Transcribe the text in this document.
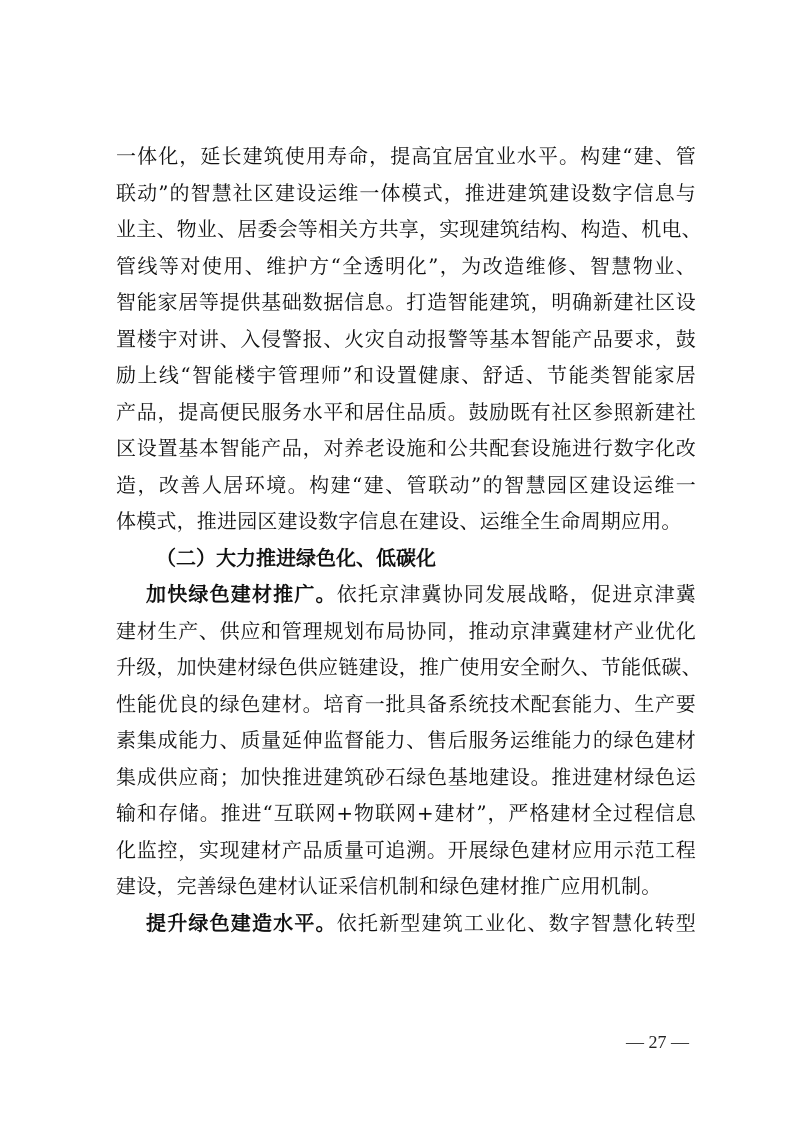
一体化，延长建筑使用寿命，提高宜居宜业水平。构建“建、管
联动”的智慧社区建设运维一体模式，推进建筑建设数字信息与
业主、物业、居委会等相关方共享，实现建筑结构、构造、机电、
管线等对使用、维护方“全透明化”，为改造维修、智慧物业、
智能家居等提供基础数据信息。打造智能建筑，明确新建社区设
置楼宇对讲、入侵警报、火灾自动报警等基本智能产品要求，鼓
励上线“智能楼宇管理师”和设置健康、舒适、节能类智能家居
产品，提高便民服务水平和居住品质。鼓励既有社区参照新建社
区设置基本智能产品，对养老设施和公共配套设施进行数字化改
造，改善人居环境。构建“建、管联动”的智慧园区建设运维一
体模式，推进园区建设数字信息在建设、运维全生命周期应用。
（二）大力推进绿色化、低碳化
加快绿色建材推广。依托京津冀协同发展战略，促进京津冀
建材生产、供应和管理规划布局协同，推动京津冀建材产业优化
升级，加快建材绿色供应链建设，推广使用安全耐久、节能低碳、
性能优良的绿色建材。培育一批具备系统技术配套能力、生产要
素集成能力、质量延伸监督能力、售后服务运维能力的绿色建材
集成供应商；加快推进建筑砂石绿色基地建设。推进建材绿色运
输和存储。推进“互联网+物联网+建材”，严格建材全过程信息
化监控，实现建材产品质量可追溯。开展绿色建材应用示范工程
建设，完善绿色建材认证采信机制和绿色建材推广应用机制。
提升绿色建造水平。依托新型建筑工业化、数字智慧化转型
— 27 —
